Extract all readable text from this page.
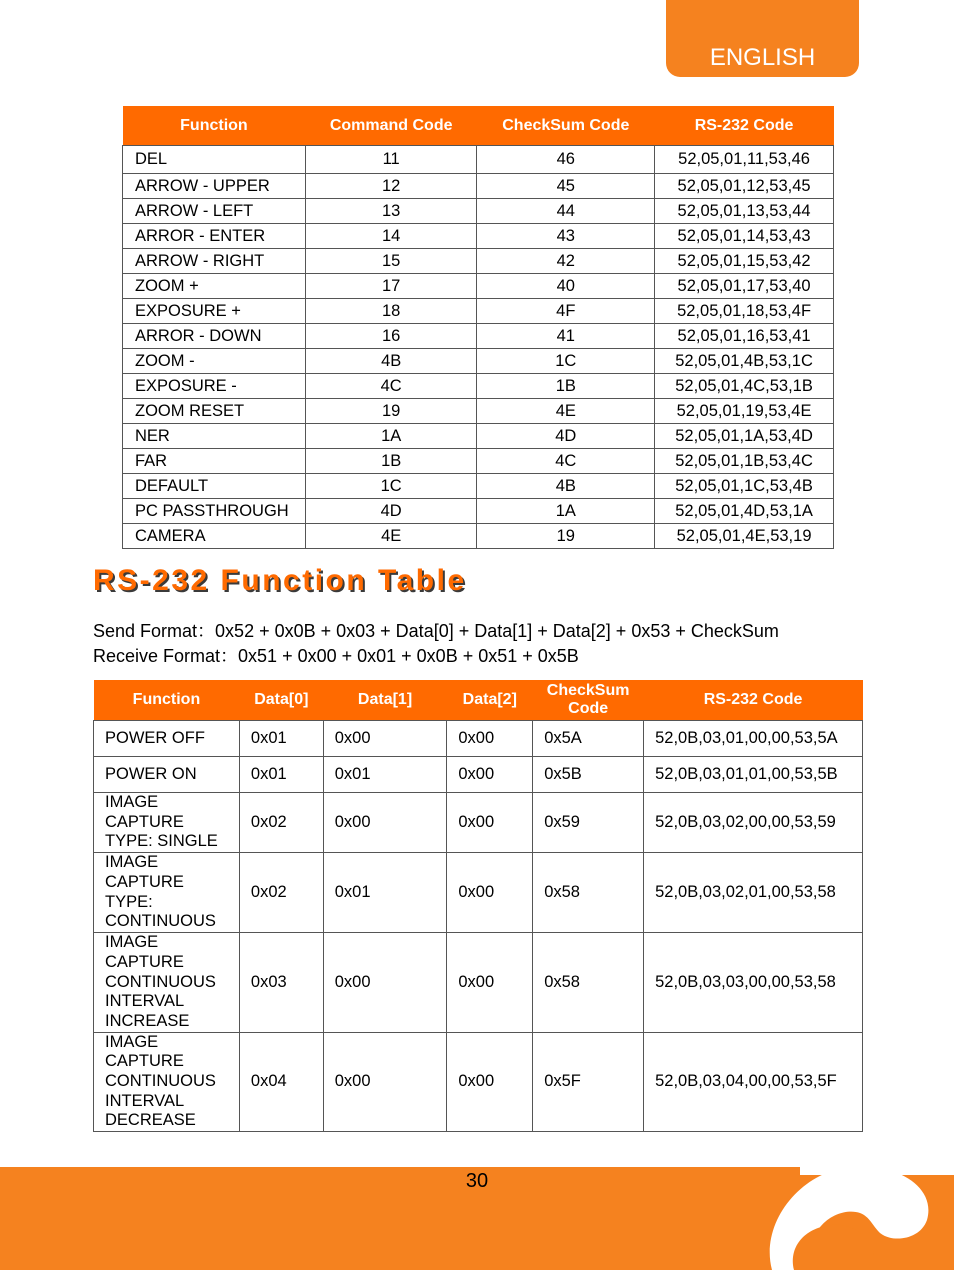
ENGLISH
Function	Command Code	CheckSum Code	RS-232 Code
DEL	11	46	52,05,01,11,53,46
ARROW - UPPER	12	45	52,05,01,12,53,45
ARROW - LEFT	13	44	52,05,01,13,53,44
ARROR - ENTER	14	43	52,05,01,14,53,43
ARROW - RIGHT	15	42	52,05,01,15,53,42
ZOOM +	17	40	52,05,01,17,53,40
EXPOSURE +	18	4F	52,05,01,18,53,4F
ARROR - DOWN	16	41	52,05,01,16,53,41
ZOOM -	4B	1C	52,05,01,4B,53,1C
EXPOSURE -	4C	1B	52,05,01,4C,53,1B
ZOOM RESET	19	4E	52,05,01,19,53,4E
NER	1A	4D	52,05,01,1A,53,4D
FAR	1B	4C	52,05,01,1B,53,4C
DEFAULT	1C	4B	52,05,01,1C,53,4B
PC PASSTHROUGH	4D	1A	52,05,01,4D,53,1A
CAMERA	4E	19	52,05,01,4E,53,19
RS-232 Function Table
Send Format：0x52 + 0x0B + 0x03 + Data[0] + Data[1] + Data[2] + 0x53 + CheckSum
Receive Format：0x51 + 0x00 + 0x01 + 0x0B + 0x51 + 0x5B
Function	Data[0]	Data[1]	Data[2]	CheckSum Code	RS-232 Code
POWER OFF	0x01	0x00	0x00	0x5A	52,0B,03,01,00,00,53,5A
POWER ON	0x01	0x01	0x00	0x5B	52,0B,03,01,01,00,53,5B
IMAGE CAPTURE TYPE: SINGLE	0x02	0x00	0x00	0x59	52,0B,03,02,00,00,53,59
IMAGE CAPTURE TYPE: CONTINUOUS	0x02	0x01	0x00	0x58	52,0B,03,02,01,00,53,58
IMAGE CAPTURE CONTINUOUS INTERVAL INCREASE	0x03	0x00	0x00	0x58	52,0B,03,03,00,00,53,58
IMAGE CAPTURE CONTINUOUS INTERVAL DECREASE	0x04	0x00	0x00	0x5F	52,0B,03,04,00,00,53,5F
30
